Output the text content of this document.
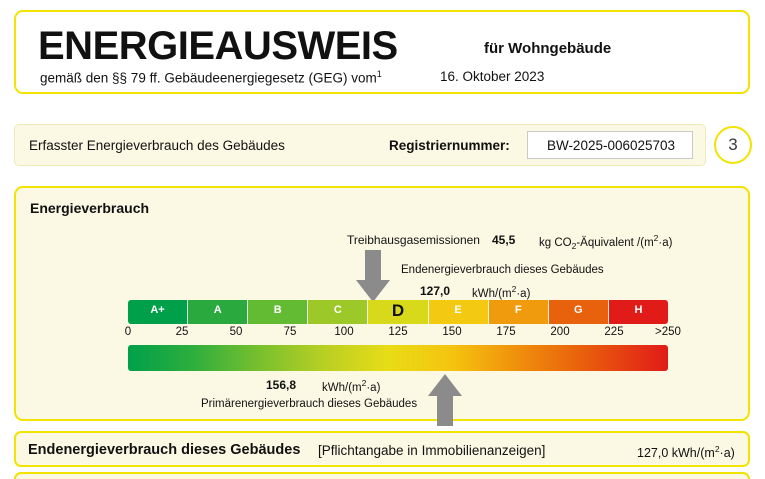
ENERGIEAUSWEIS	für Wohngebäude
gemäß den §§ 79 ff. Gebäudeenergiegesetz (GEG) vom$^1$	16. Oktober 2023
Erfasster Energieverbrauch des Gebäudes	Registriernummer:	BW-2025-006025703	3
Energieverbrauch
Treibhausgasemissionen 45,5 kg $CO_2$-Äquivalent $/(m^2\cdot a)$
Endenergieverbrauch dieses Gebäudes
127,0 kWh/$(m^2\cdot a)$
A+	A	B	C	D	E	F	G	H
0	25	50	75	100	125	150	175	200	225	>250
156,8 kWh/$(m^2\cdot a)$
Primärenergieverbrauch dieses Gebäudes
Endenergieverbrauch dieses Gebäudes [Pflichtangabe in Immobilienanzeigen]	127,0 kWh/$(m^2\cdot a)$
